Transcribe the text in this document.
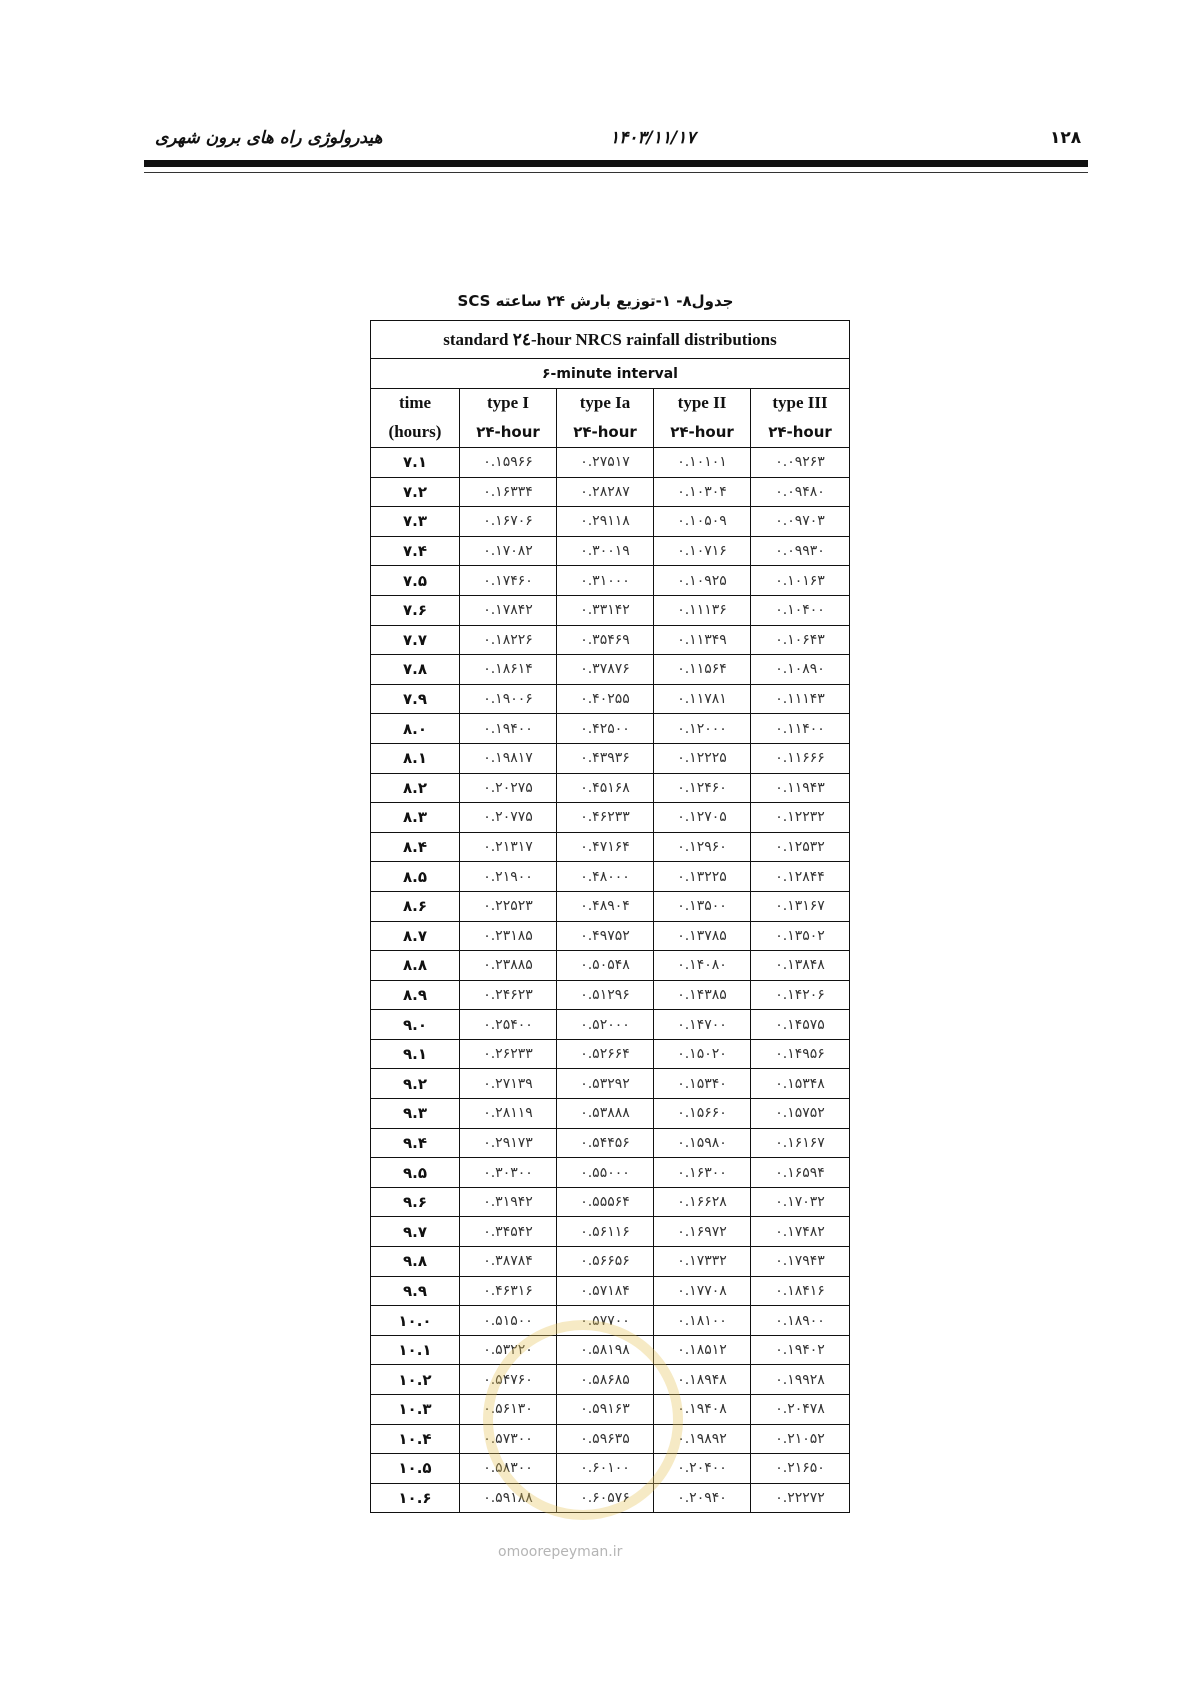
هیدرولوژی راه های برون شهری	۱۴۰۳/۱۱/۱۷	۱۲۸
جدول۸- ۱-توزیع بارش ۲۴ ساعته SCS
standard ٢٤-hour NRCS rainfall distributions				
۶-minute interval				
time	type I	type Ia	type II	type III
(hours)	۲۴-hour	۲۴-hour	۲۴-hour	۲۴-hour
۷.۱	۰.۱۵۹۶۶	۰.۲۷۵۱۷	۰.۱۰۱۰۱	۰.۰۹۲۶۳
۷.۲	۰.۱۶۳۳۴	۰.۲۸۲۸۷	۰.۱۰۳۰۴	۰.۰۹۴۸۰
۷.۳	۰.۱۶۷۰۶	۰.۲۹۱۱۸	۰.۱۰۵۰۹	۰.۰۹۷۰۳
۷.۴	۰.۱۷۰۸۲	۰.۳۰۰۱۹	۰.۱۰۷۱۶	۰.۰۹۹۳۰
۷.۵	۰.۱۷۴۶۰	۰.۳۱۰۰۰	۰.۱۰۹۲۵	۰.۱۰۱۶۳
۷.۶	۰.۱۷۸۴۲	۰.۳۳۱۴۲	۰.۱۱۱۳۶	۰.۱۰۴۰۰
۷.۷	۰.۱۸۲۲۶	۰.۳۵۴۶۹	۰.۱۱۳۴۹	۰.۱۰۶۴۳
۷.۸	۰.۱۸۶۱۴	۰.۳۷۸۷۶	۰.۱۱۵۶۴	۰.۱۰۸۹۰
۷.۹	۰.۱۹۰۰۶	۰.۴۰۲۵۵	۰.۱۱۷۸۱	۰.۱۱۱۴۳
۸.۰	۰.۱۹۴۰۰	۰.۴۲۵۰۰	۰.۱۲۰۰۰	۰.۱۱۴۰۰
۸.۱	۰.۱۹۸۱۷	۰.۴۳۹۳۶	۰.۱۲۲۲۵	۰.۱۱۶۶۶
۸.۲	۰.۲۰۲۷۵	۰.۴۵۱۶۸	۰.۱۲۴۶۰	۰.۱۱۹۴۳
۸.۳	۰.۲۰۷۷۵	۰.۴۶۲۳۳	۰.۱۲۷۰۵	۰.۱۲۲۳۲
۸.۴	۰.۲۱۳۱۷	۰.۴۷۱۶۴	۰.۱۲۹۶۰	۰.۱۲۵۳۲
۸.۵	۰.۲۱۹۰۰	۰.۴۸۰۰۰	۰.۱۳۲۲۵	۰.۱۲۸۴۴
۸.۶	۰.۲۲۵۲۳	۰.۴۸۹۰۴	۰.۱۳۵۰۰	۰.۱۳۱۶۷
۸.۷	۰.۲۳۱۸۵	۰.۴۹۷۵۲	۰.۱۳۷۸۵	۰.۱۳۵۰۲
۸.۸	۰.۲۳۸۸۵	۰.۵۰۵۴۸	۰.۱۴۰۸۰	۰.۱۳۸۴۸
۸.۹	۰.۲۴۶۲۳	۰.۵۱۲۹۶	۰.۱۴۳۸۵	۰.۱۴۲۰۶
۹.۰	۰.۲۵۴۰۰	۰.۵۲۰۰۰	۰.۱۴۷۰۰	۰.۱۴۵۷۵
۹.۱	۰.۲۶۲۳۳	۰.۵۲۶۶۴	۰.۱۵۰۲۰	۰.۱۴۹۵۶
۹.۲	۰.۲۷۱۳۹	۰.۵۳۲۹۲	۰.۱۵۳۴۰	۰.۱۵۳۴۸
۹.۳	۰.۲۸۱۱۹	۰.۵۳۸۸۸	۰.۱۵۶۶۰	۰.۱۵۷۵۲
۹.۴	۰.۲۹۱۷۳	۰.۵۴۴۵۶	۰.۱۵۹۸۰	۰.۱۶۱۶۷
۹.۵	۰.۳۰۳۰۰	۰.۵۵۰۰۰	۰.۱۶۳۰۰	۰.۱۶۵۹۴
۹.۶	۰.۳۱۹۴۲	۰.۵۵۵۶۴	۰.۱۶۶۲۸	۰.۱۷۰۳۲
۹.۷	۰.۳۴۵۴۲	۰.۵۶۱۱۶	۰.۱۶۹۷۲	۰.۱۷۴۸۲
۹.۸	۰.۳۸۷۸۴	۰.۵۶۶۵۶	۰.۱۷۳۳۲	۰.۱۷۹۴۳
۹.۹	۰.۴۶۳۱۶	۰.۵۷۱۸۴	۰.۱۷۷۰۸	۰.۱۸۴۱۶
۱۰.۰	۰.۵۱۵۰۰	۰.۵۷۷۰۰	۰.۱۸۱۰۰	۰.۱۸۹۰۰
۱۰.۱	۰.۵۳۲۲۰	۰.۵۸۱۹۸	۰.۱۸۵۱۲	۰.۱۹۴۰۲
۱۰.۲	۰.۵۴۷۶۰	۰.۵۸۶۸۵	۰.۱۸۹۴۸	۰.۱۹۹۲۸
۱۰.۳	۰.۵۶۱۳۰	۰.۵۹۱۶۳	۰.۱۹۴۰۸	۰.۲۰۴۷۸
۱۰.۴	۰.۵۷۳۰۰	۰.۵۹۶۳۵	۰.۱۹۸۹۲	۰.۲۱۰۵۲
۱۰.۵	۰.۵۸۳۰۰	۰.۶۰۱۰۰	۰.۲۰۴۰۰	۰.۲۱۶۵۰
۱۰.۶	۰.۵۹۱۸۸	۰.۶۰۵۷۶	۰.۲۰۹۴۰	۰.۲۲۲۷۲
omoorepeyman.ir
